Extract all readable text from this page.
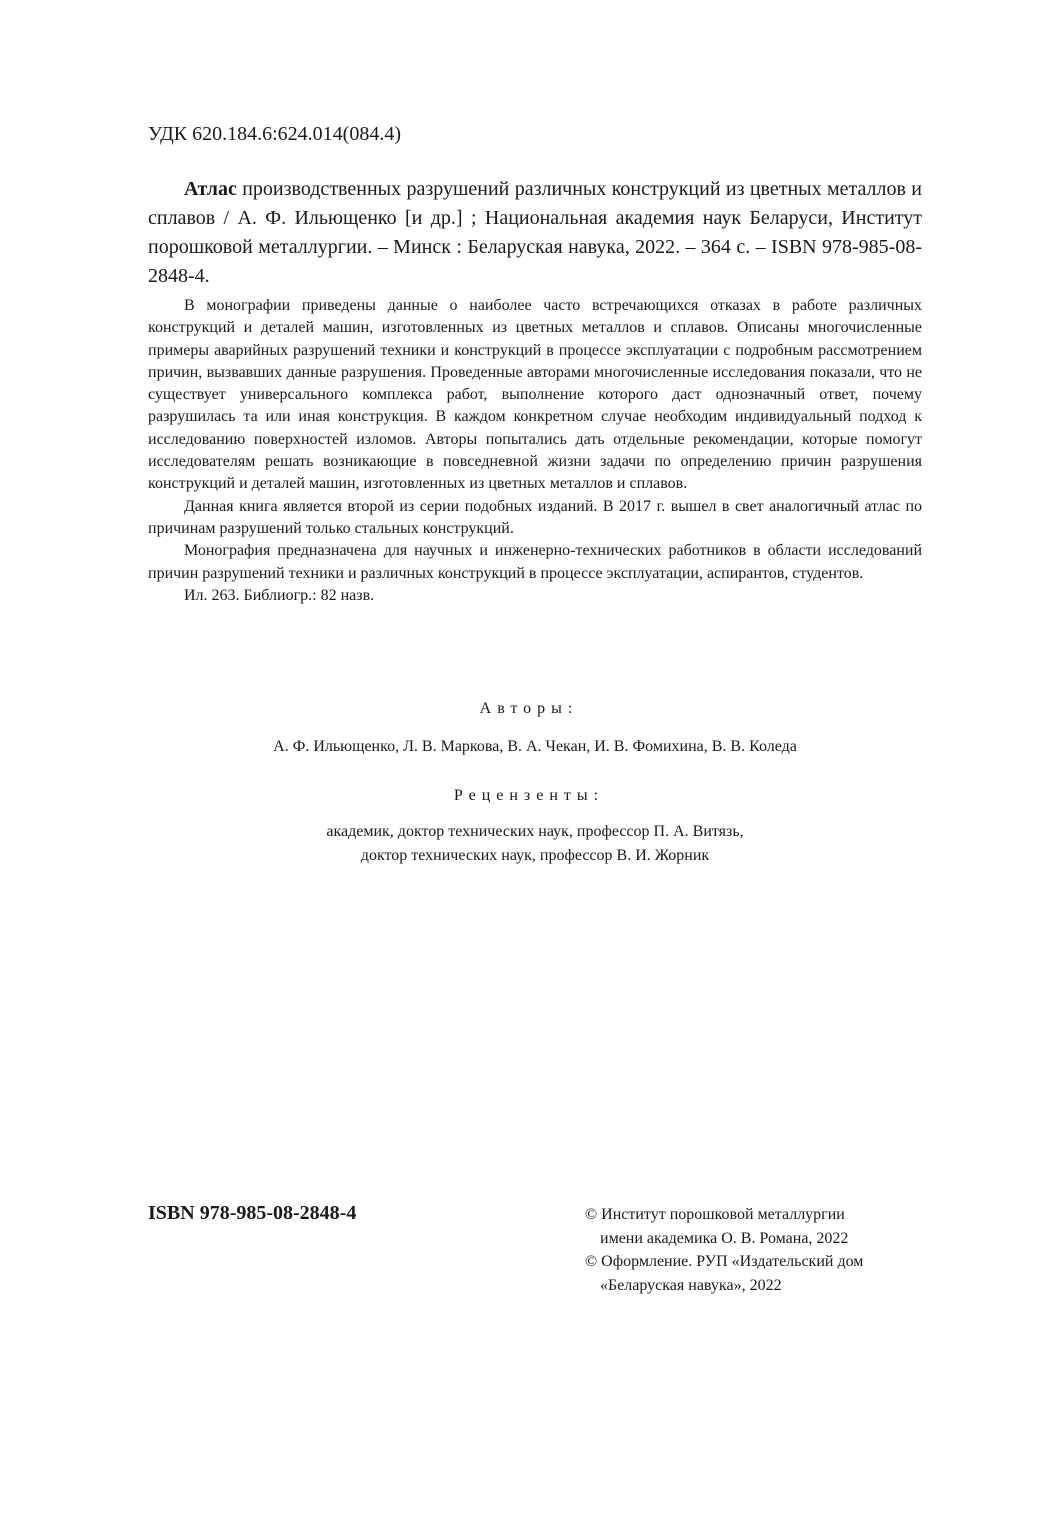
УДК 620.184.6:624.014(084.4)
Атлас производственных разрушений различных конструкций из цветных металлов и сплавов / А. Ф. Ильющенко [и др.] ; Национальная академия наук Беларуси, Институт порошковой металлургии. – Минск : Беларуская навука, 2022. – 364 с. – ISBN 978-985-08-2848-4.

В монографии приведены данные о наиболее часто встречающихся отказах в работе различных конструкций и деталей машин, изготовленных из цветных металлов и сплавов. Описаны многочисленные примеры аварийных разрушений техники и конструкций в процессе эксплуатации с подробным рассмотрением причин, вызвавших данные разрушения. Проведенные авторами многочисленные исследования показали, что не существует универсального комплекса работ, выполнение которого даст однозначный ответ, почему разрушилась та или иная конструкция. В каждом конкретном случае необходим индивидуальный подход к исследованию поверхностей изломов. Авторы попытались дать отдельные рекомендации, которые помогут исследователям решать возникающие в повседневной жизни задачи по определению причин разрушения конструкций и деталей машин, изготовленных из цветных металлов и сплавов.

Данная книга является второй из серии подобных изданий. В 2017 г. вышел в свет аналогичный атлас по причинам разрушений только стальных конструкций.

Монография предназначена для научных и инженерно-технических работников в области исследований причин разрушений техники и различных конструкций в процессе эксплуатации, аспирантов, студентов.

Ил. 263. Библиогр.: 82 назв.

Авторы:
А. Ф. Ильющенко, Л. В. Маркова, В. А. Чекан, И. В. Фомихина, В. В. Коледа
Рецензенты:
академик, доктор технических наук, профессор П. А. Витязь,
доктор технических наук, профессор В. И. Жорник
ISBN 978-985-08-2848-4	© Институт порошковой металлургии
имени академика О. В. Романа, 2022
© Оформление. РУП «Издательский дом
«Беларуская навука», 2022
